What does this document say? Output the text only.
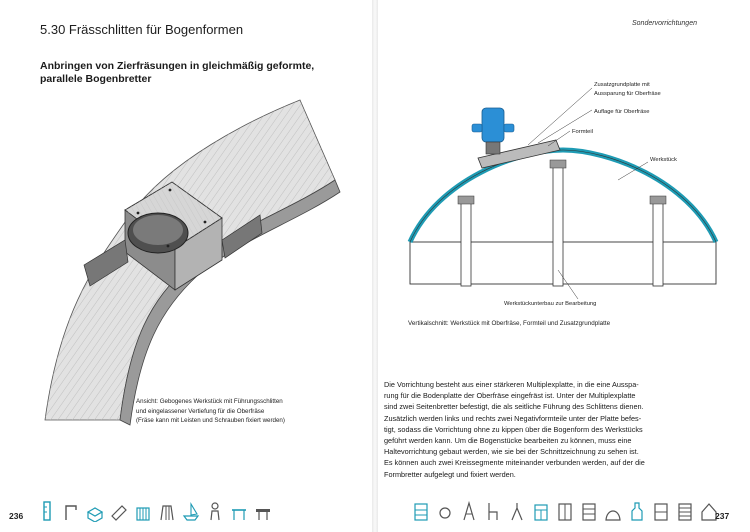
5.30 Frässchlitten für Bogenformen
Anbringen von Zierfräsungen in gleichmäßig geformte, parallele Bogenbretter
Ansicht: Gebogenes Werkstück mit Führungsschlitten
und eingelassener Vertiefung für die Oberfräse
(Fräse kann mit Leisten und Schrauben fixiert werden)
236
Sondervorrichtungen
Zusatzgrundplatte mit
Aussparung für Oberfräse
Auflage für Oberfräse
Formteil
Werkstück
Werkstückunterbau zur Bearbeitung
Vertikalschnitt: Werkstück mit Oberfräse, Formteil und Zusatzgrundplatte
Die Vorrichtung besteht aus einer stärkeren Multiplexplatte, in die eine Ausspa-
rung für die Bodenplatte der Oberfräse eingefräst ist. Unter der Multiplexplatte
sind zwei Seitenbretter befestigt, die als seitliche Führung des Schlittens dienen.
Zusätzlich werden links und rechts zwei Negativformteile unter der Platte befes-
tigt, sodass die Vorrichtung ohne zu kippen über die Bogenform des Werkstücks
geführt werden kann. Um die Bogenstücke bearbeiten zu können, muss eine
Haltevorrichtung gebaut werden, wie sie bei der Schnittzeichnung zu sehen ist.
Es können auch zwei Kreissegmente miteinander verbunden werden, auf der die
Formbretter aufgelegt und fixiert werden.
237
